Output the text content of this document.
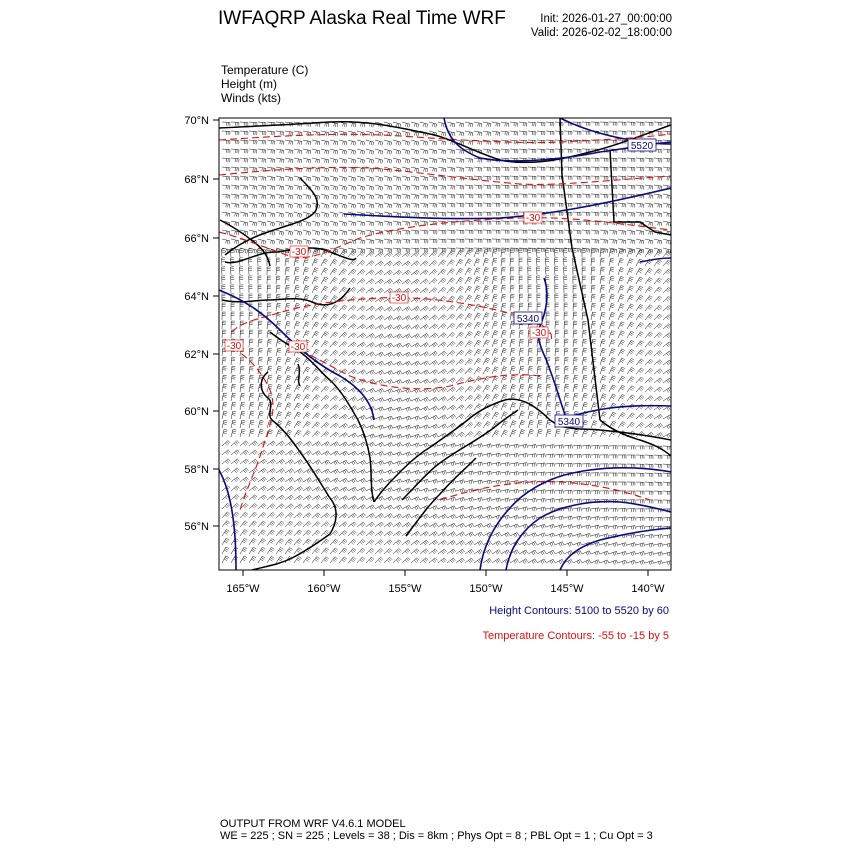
IWFAQRP Alaska Real Time WRF	Init: 2026-01-27_00:00:00
Valid: 2026-02-02_18:00:00
Temperature (C)
Height (m)
Winds (kts)
5520
5340
5340
-30
-30
-30
-30	-30
-30
70°N
68°N
66°N
64°N
62°N
60°N
58°N
56°N
165°W	160°W	155°W	150°W	145°W	140°W
Height Contours: 5100 to 5520 by 60
Temperature Contours: -55 to -15 by 5
OUTPUT FROM WRF V4.6.1 MODEL
WE = 225 ; SN = 225 ; Levels = 38 ; Dis = 8km ; Phys Opt = 8 ; PBL Opt = 1 ; Cu Opt = 3
